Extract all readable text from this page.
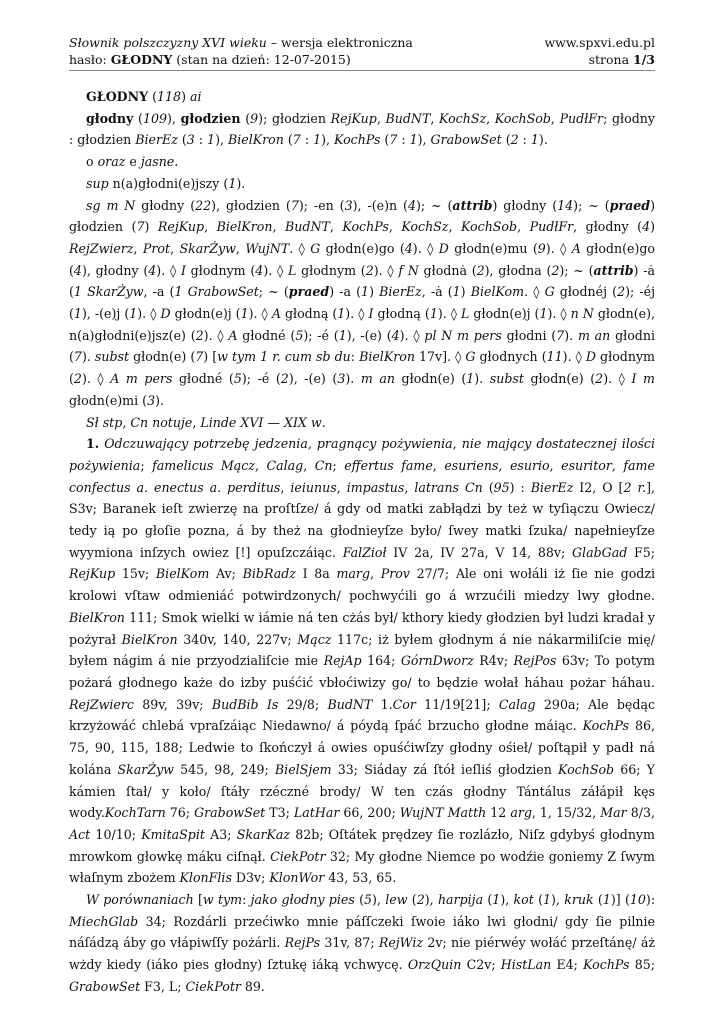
Słownik polszczyzny XVI wieku – wersja elektroniczna
hasło: GŁODNY (stan na dzień: 12-07-2015)
www.spxvi.edu.pl
strona 1/3

GŁODNY (118) ai

głodny (109), głodzien (9); głodzien RejKup, BudNT, KochSz, KochSob, PudłFr; głodny : głodzien BierEz (3 : 1), BielKron (7 : 1), KochPs (7 : 1), GrabowSet (2 : 1).

o oraz e jasne.

sup n(a)głodni(e)jszy (1).

sg m N głodny (22), głodzien (7); -en (3), -(e)n (4); ~ (attrib) głodny (14); ~ (praed) głodzien (7) RejKup, BielKron, BudNT, KochPs, KochSz, KochSob, PudłFr, głodny (4) RejZwierz, Prot, SkarŻyw, WujNT. ◊ G głodn(e)go (4). ◊ D głodn(e)mu (9). ◊ A głodn(e)go (4), głodny (4). ◊ I głodnym (4). ◊ L głodnym (2). ◊ f N głodnȧ (2), głodna (2); ~ (attrib) -ȧ (1 SkarŻyw, -a (1 GrabowSet; ~ (praed) -a (1) BierEz, -ȧ (1) BielKom. ◊ G głodnéj (2); -éj (1), -(e)j (1). ◊ D głodn(e)j (1). ◊ A głodną (1). ◊ I głodną (1). ◊ L głodn(e)j (1). ◊ n N głodn(e), n(a)głodni(e)jsz(e) (2). ◊ A głodné (5); -é (1), -(e) (4). ◊ pl N m pers głodni (7). m an głodni (7). subst głodn(e) (7) [w tym 1 r. cum sb du: BielKron 17v]. ◊ G głodnych (11). ◊ D głodnym (2). ◊ A m pers głodné (5); -é (2), -(e) (3). m an głodn(e) (1). subst głodn(e) (2). ◊ I m głodn(e)mi (3).

Sł stp, Cn notuje, Linde XVI — XIX w.

1. Odczuwający potrzebę jedzenia, pragnący pożywienia, nie mający dostatecznej ilości pożywienia; famelicus Mącz, Calag, Cn; effertus fame, esuriens, esurio, esuritor, fame confectus a. enectus a. perditus, ieiunus, impastus, latrans Cn (95) : BierEz I2, O [2 r.], S3v; Baranek ieſt zwierzę na proſtſze/ á gdy od matki zabłądzi by też w tyſiączu Owiecz/ tedy ią po głoſie pozna, á by theż na głodnieyſze było/ ſwey matki ſzuka/ napełnieyſze wyymiona inſzych owiez [!] opuſzczáiąc. FalZioł IV 2a, IV 27a, V 14, 88v; GlabGad F5; RejKup 15v; BielKom Av; BibRadz I 8a marg, Prov 27/7; Ale oni wołáli iż ſie nie godzi krolowi vſtaw odmieniáć potwirdzonych/ pochwyćili go á wrzućili miedzy lwy głodne. BielKron 111; Smok wielki w iámie ná ten cżás był/ kthory kiedy głodzien był ludzi kradał y pożyrał BielKron 340v, 140, 227v; Mącz 117c; iż byłem głodnym á nie nákarmiliſcie mię/ byłem nágim á nie przyodzialiſcie mie RejAp 164; GórnDworz R4v; RejPos 63v; To potym pożará głodnego każe do izby puśćić vbłoćiwizy go/ to będzie wołał háhau pożar háhau. RejZwierc 89v, 39v; BudBib Is 29/8; BudNT 1.Cor 11/19[21]; Calag 290a; Ale będąc krzyżowáć chlebá vpraſzáiąc Niedawno/ á pόydą ſpáć brzucho głodne máiąc. KochPs 86, 75, 90, 115, 188; Ledwie to ſkończył á owies opuśćiwſzy głodny ośieł/ poſtąpił y padł ná kolána SkarŻyw 545, 98, 249; BielSjem 33; Siáday zá ſtół ieſliś głodzien KochSob 66; Y kámien ſtał/ y koło/ ſtáły rzéczné brody/ W ten czás głodny Tántálus záłápił kęs wody.KochTarn 76; GrabowSet T3; LatHar 66, 200; WujNT Matth 12 arg, 1, 15/32, Mar 8/3, Act 10/10; KmitaSpit A3; SkarKaz 82b; Oſtátek prędzey ſie rozlázło, Niſz gdybyś głodnym mrowkom głowkę máku ciſnął. CiekPotr 32; My głodne Niemce po wodźie goniemy Z ſwym właſnym zbożem KlonFlis D3v; KlonWor 43, 53, 65.

W porównaniach [w tym: jako głodny pies (5), lew (2), harpija (1), kot (1), kruk (1)] (10): MiechGlab 34; Rozdárli przećiwko mnie páſſczeki ſwoie iáko lwi głodni/ gdy ſie pilnie náſádzą áby go vłápiwſſy pożárli. RejPs 31v, 87; RejWiz 2v; nie piérwéy wołáć przeſtánę/ áż wżdy kiedy (iáko pies głodny) ſztukę iáką vchwycę. OrzQuin C2v; HistLan E4; KochPs 85; GrabowSet F3, L; CiekPotr 89.
